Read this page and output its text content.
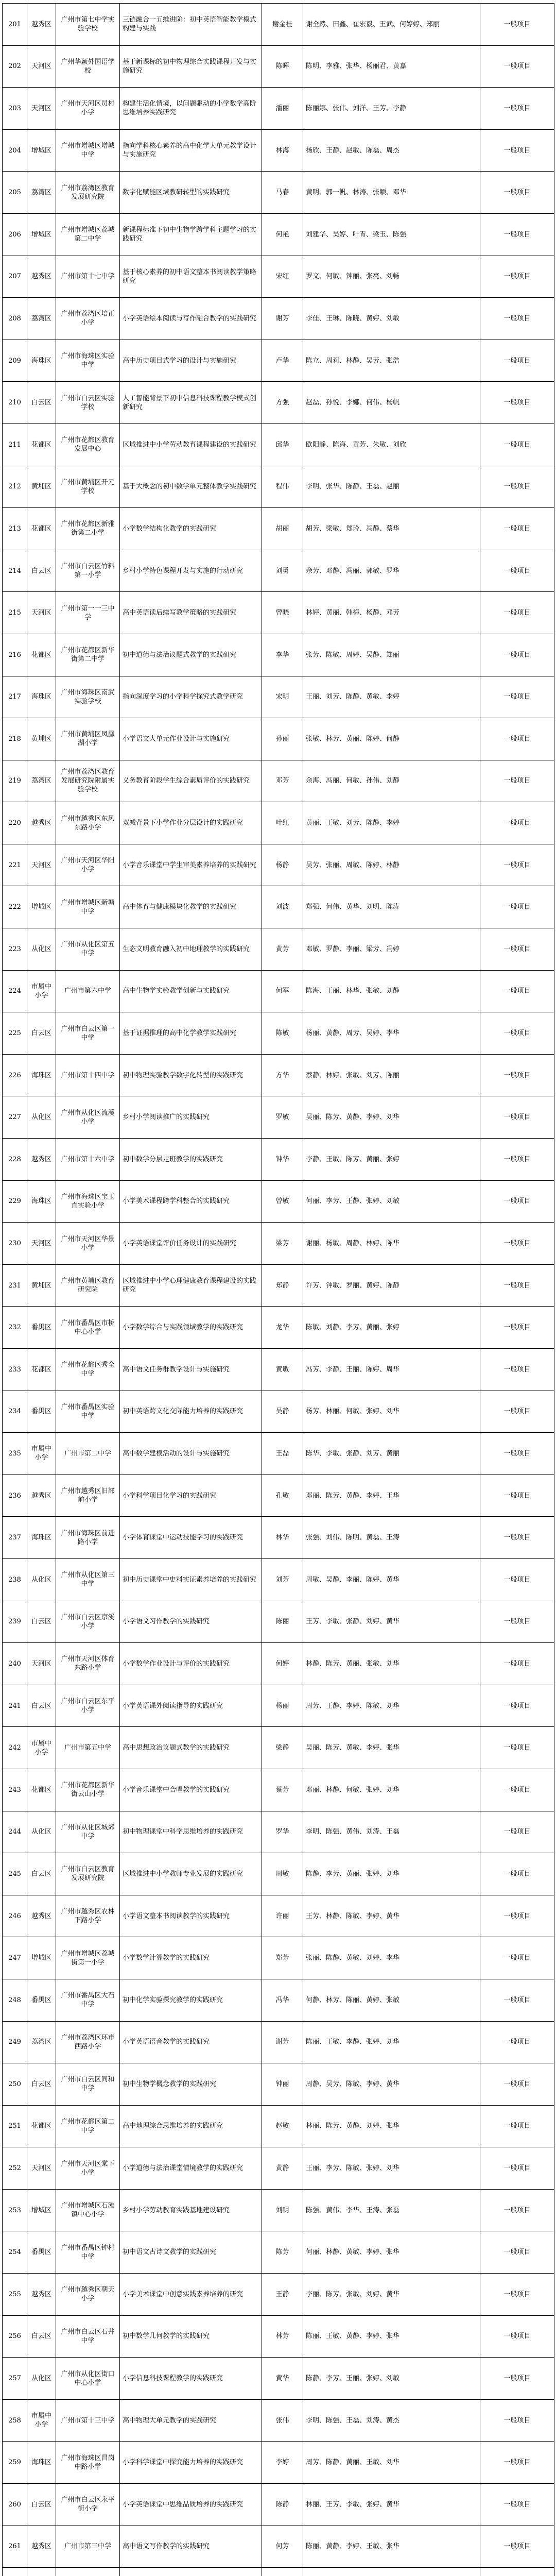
201	越秀区	广州市第七中学实验学校	三链融合一五维进阶：初中英语智能教学模式构建与实践	谢金桂	谢全然、田鑫、崔宏毅、王武、何婷婷、郑丽	一般项目
202	天河区	广州华颖外国语学校	基于新课标的初中物理综合实践课程开发与实施研究	陈晖	陈明、李雅、张华、杨丽君、黄嘉	一般项目
203	天河区	广州市天河区员村小学	构建生活化情境，以问题驱动的小学数学高阶思维培养实践研究	潘丽	陈丽娜、张伟、刘洋、王芳、李静	一般项目
204	增城区	广州市增城区增城中学	指向学科核心素养的高中化学大单元教学设计与实施研究	林海	杨欣、王静、赵敏、陈磊、周杰	一般项目
205	荔湾区	广州市荔湾区教育发展研究院	数字化赋能区域教研转型的实践研究	马春	黄明、郭一帆、林涛、张颖、邓华	一般项目
206	增城区	广州市增城区荔城第二中学	新课程标准下初中生物学跨学科主题学习的实践研究	何艳	刘建华、吴婷、叶青、梁玉、陈强	一般项目
207	越秀区	广州市第十七中学	基于核心素养的初中语文整本书阅读教学策略研究	宋红	罗文、何敏、钟丽、张亮、刘畅	一般项目
208	荔湾区	广州市荔湾区培正小学	小学英语绘本阅读与写作融合教学的实践研究	谢芳	李佳、王琳、陈晓、黄婷、刘敏	一般项目
209	海珠区	广州市海珠区实验中学	高中历史项目式学习的设计与实施研究	卢华	陈立、周莉、林静、吴芳、张浩	一般项目
210	白云区	广州市白云区实验学校	人工智能背景下初中信息科技课程教学模式创新研究	方强	赵磊、孙悦、李娜、何伟、杨帆	一般项目
211	花都区	广州市花都区教育发展中心	区域推进中小学劳动教育课程建设的实践研究	邱华	欧阳静、陈海、黄芳、朱敏、刘欣	一般项目
212	黄埔区	广州市黄埔区开元学校	基于大概念的初中数学单元整体教学实践研究	程伟	李明、张华、陈静、王磊、赵丽	一般项目
213	花都区	广州市花都区新雅街第二小学	小学数学结构化教学的实践研究	胡丽	胡芳、梁敏、郑玲、冯静、蔡华	一般项目
214	白云区	广州市白云区竹料第一小学	乡村小学特色课程开发与实施的行动研究	刘勇	余芳、邓静、冯丽、郭敏、罗华	一般项目
215	天河区	广州市第一一三中学	高中英语读后续写教学策略的实践研究	曾晓	林婷、黄丽、韩梅、杨静、邓芳	一般项目
216	花都区	广州市花都区新华街第二中学	初中道德与法治议题式教学的实践研究	李华	张芳、陈敏、周婷、吴静、郑丽	一般项目
217	海珠区	广州市海珠区南武实验学校	指向深度学习的小学科学探究式教学研究	宋明	王丽、刘芳、陈静、黄敏、李婷	一般项目
218	黄埔区	广州市黄埔区凤凰湖小学	小学语文大单元作业设计与实施研究	孙丽	张敏、林芳、黄丽、陈婷、何静	一般项目
219	荔湾区	广州市荔湾区教育发展研究院附属实验学校	义务教育阶段学生综合素质评价的实践研究	邓芳	余海、冯丽、何敏、孙伟、刘静	一般项目
220	越秀区	广州市越秀区东风东路小学	双减背景下小学作业分层设计的实践研究	叶红	黄丽、王敏、刘芳、陈静、李婷	一般项目
221	天河区	广州市天河区华阳小学	小学音乐课堂中学生审美素养培养的实践研究	杨静	吴芳、张丽、周敏、陈婷、林静	一般项目
222	增城区	广州市增城区新塘中学	高中体育与健康模块化教学的实践研究	刘波	郑强、何伟、黄华、刘明、陈涛	一般项目
223	从化区	广州市从化区第五中学	生态文明教育融入初中地理教学的实践研究	黄芳	邓敏、罗静、李丽、梁芳、冯婷	一般项目
224	市属中小学	广州市第六中学	高中生物学实验教学创新与实践研究	何军	陈海、王丽、林华、张敏、刘静	一般项目
225	白云区	广州市白云区第一中学	基于证据推理的高中化学教学实践研究	陈敏	杨丽、黄静、周芳、吴婷、李华	一般项目
226	海珠区	广州市第十四中学	初中物理实验教学数字化转型的实践研究	方华	蔡静、林婷、张敏、刘芳、陈丽	一般项目
227	从化区	广州市从化区流溪小学	乡村小学阅读推广的实践研究	罗敏	吴丽、陈芳、黄静、李婷、刘华	一般项目
228	越秀区	广州市第十六中学	初中数学分层走班教学的实践研究	钟华	李静、王敏、陈芳、黄丽、张婷	一般项目
229	海珠区	广州市海珠区宝玉直实验小学	小学美术课程跨学科整合的实践研究	曾敏	何丽、李芳、王静、张婷、刘敏	一般项目
230	天河区	广州市天河区华景小学	小学英语课堂评价任务设计的实践研究	梁芳	谢丽、杨敏、周静、林婷、陈华	一般项目
231	黄埔区	广州市黄埔区教育研究院	区域推进中小学心理健康教育课程建设的实践研究	郑静	许芳、钟敏、罗丽、黄婷、陈静	一般项目
232	番禺区	广州市番禺区市桥中心小学	小学数学综合与实践领域教学的实践研究	龙华	陈敏、刘静、李芳、黄丽、张婷	一般项目
233	花都区	广州市花都区秀全中学	高中语文任务群教学设计与实施研究	黄敏	冯芳、李静、王丽、陈婷、周华	一般项目
234	番禺区	广州市番禺区实验中学	初中英语跨文化交际能力培养的实践研究	吴静	杨芳、林丽、何敏、张婷、刘华	一般项目
235	市属中小学	广州市第二中学	高中数学建模活动的设计与实施研究	王磊	陈华、李敏、张静、刘芳、黄丽	一般项目
236	越秀区	广州市越秀区旧部前小学	小学科学项目化学习的实践研究	孔敏	邓丽、陈芳、黄静、李婷、王华	一般项目
237	海珠区	广州市海珠区前进路小学	小学体育课堂中运动技能学习的实践研究	林华	张强、刘伟、陈明、黄磊、王涛	一般项目
238	从化区	广州市从化区第三中学	初中历史课堂中史料实证素养培养的实践研究	刘芳	周敏、吴静、李丽、陈婷、黄华	一般项目
239	白云区	广州市白云区京溪小学	小学语文习作教学的实践研究	陈丽	王芳、李敏、张静、刘婷、黄华	一般项目
240	天河区	广州市天河区体育东路小学	小学数学作业设计与评价的实践研究	何婷	林静、陈芳、黄丽、张敏、刘华	一般项目
241	白云区	广州市白云区东平小学	小学英语课外阅读指导的实践研究	杨丽	周芳、王静、李婷、陈敏、刘华	一般项目
242	市属中小学	广州市第五中学	高中思想政治议题式教学的实践研究	梁静	吴丽、陈芳、黄敏、李婷、张华	一般项目
243	花都区	广州市花都区新华街云山小学	小学音乐课堂中合唱教学的实践研究	蔡芳	邓丽、林静、何敏、张婷、刘华	一般项目
244	从化区	广州市从化区城郊中学	初中物理课堂中科学思维培养的实践研究	罗华	李明、陈强、黄伟、刘涛、王磊	一般项目
245	白云区	广州市白云区教育发展研究院	区域推进中小学教师专业发展的实践研究	周敏	陈静、李芳、黄丽、张婷、刘华	一般项目
246	越秀区	广州市越秀区农林下路小学	小学语文整本书阅读教学的实践研究	许丽	王芳、林静、陈敏、李婷、黄华	一般项目
247	增城区	广州市增城区荔城街第一小学	小学数学计算教学的实践研究	郑芳	张丽、陈静、黄敏、刘婷、李华	一般项目
248	番禺区	广州市番禺区大石中学	初中化学实验探究教学的实践研究	冯华	何静、林芳、陈丽、黄婷、张敏	一般项目
249	荔湾区	广州市荔湾区环市西路小学	小学英语语音教学的实践研究	谢芳	陈丽、王敏、李静、张婷、刘华	一般项目
250	白云区	广州市白云区同和中学	初中生物学概念教学的实践研究	钟丽	周静、吴芳、陈敏、李婷、黄华	一般项目
251	花都区	广州市花都区第二中学	高中地理综合思维培养的实践研究	赵敏	林丽、陈芳、黄静、刘婷、张华	一般项目
252	天河区	广州市天河区棠下小学	小学道德与法治课堂情境教学的实践研究	黄静	王丽、李芳、陈敏、张婷、刘华	一般项目
253	增城区	广州市增城区石滩镇中心小学	乡村小学劳动教育实践基地建设研究	刘明	陈强、黄伟、李华、王涛、张磊	一般项目
254	番禺区	广州市番禺区钟村中学	初中语文古诗文教学的实践研究	陈芳	何丽、林静、黄敏、李婷、张华	一般项目
255	越秀区	广州市越秀区朝天小学	小学美术课堂中创意实践素养培养的研究	王静	李丽、陈芳、张敏、刘婷、黄华	一般项目
256	白云区	广州市白云区石井中学	初中数学几何教学的实践研究	林芳	陈丽、王敏、黄静、李婷、张华	一般项目
257	从化区	广州市从化区街口中心小学	小学信息科技课程教学的实践研究	黄华	陈静、李芳、王丽、张婷、刘敏	一般项目
258	市属中小学	广州市第十三中学	高中物理大单元教学的实践研究	张伟	李明、陈强、王磊、刘涛、黄杰	一般项目
259	海珠区	广州市海珠区昌岗中路小学	小学科学课堂中探究能力培养的实践研究	李婷	周芳、陈静、黄丽、王敏、刘华	一般项目
260	白云区	广州市白云区永平街小学	小学英语课堂中思维品质培养的实践研究	陈静	林丽、王芳、李敏、张婷、黄华	一般项目
261	越秀区	广州市第三中学	高中语文写作教学的实践研究	何芳	陈丽、黄静、李婷、王敏、张华	一般项目
